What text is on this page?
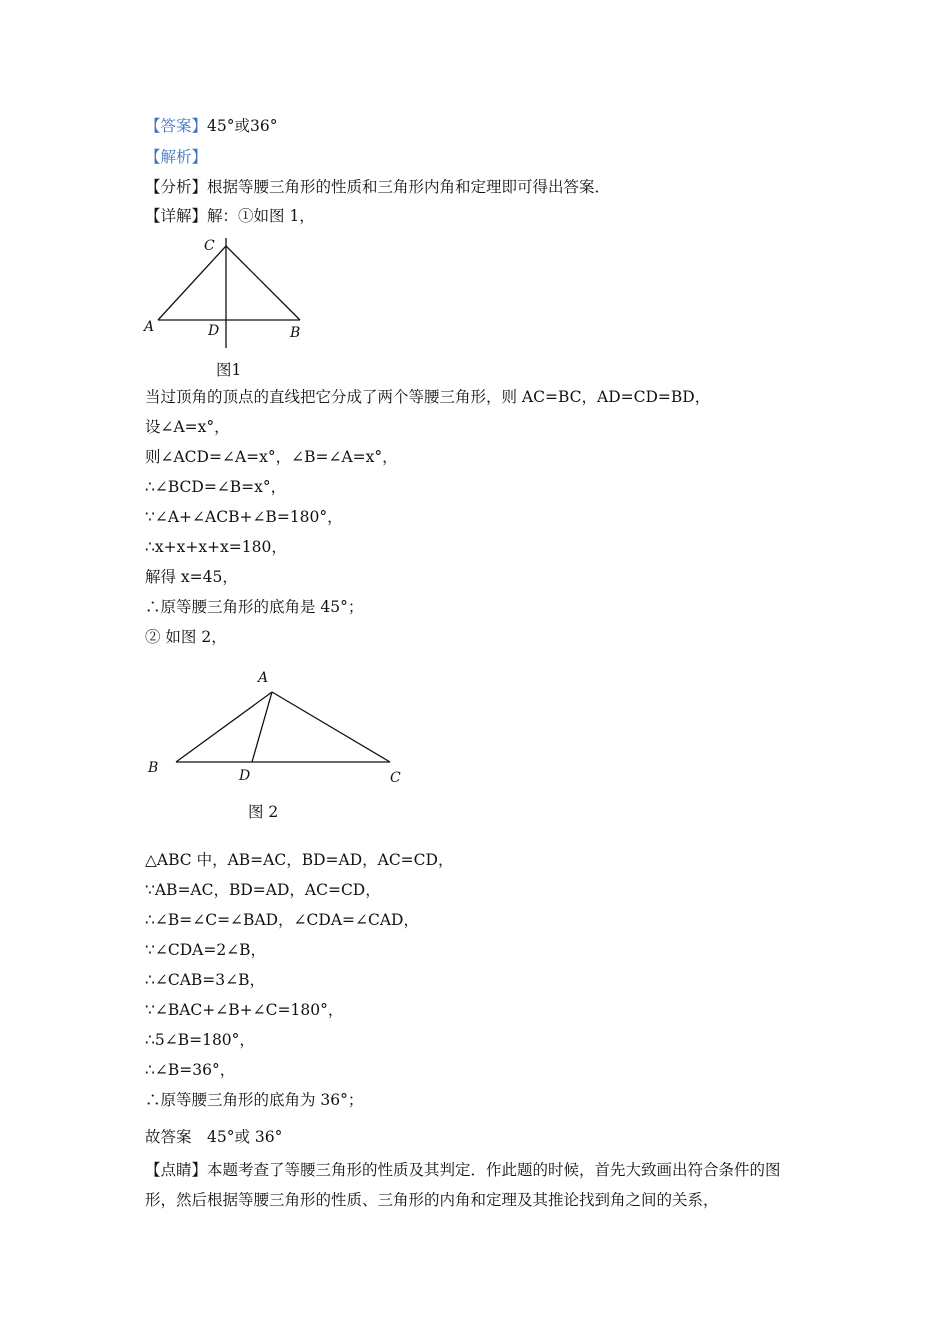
【答案】45°或36°
【解析】
【分析】根据等腰三角形的性质和三角形内角和定理即可得出答案．
【详解】解：①如图 1，
C
A	D	B
图1
当过顶角的顶点的直线把它分成了两个等腰三角形，则 AC=BC，AD=CD=BD，
设∠A=x°，
则∠ACD=∠A=x°，∠B=∠A=x°，
∴∠BCD=∠B=x°，
∵∠A+∠ACB+∠B=180°，
∴x+x+x+x=180，
解得 x=45，
∴原等腰三角形的底角是 45°；
② 如图 2，
A
B	D	C
图 2
△ABC 中，AB=AC，BD=AD，AC=CD，
∵AB=AC，BD=AD，AC=CD，
∴∠B=∠C=∠BAD，∠CDA=∠CAD，
∵∠CDA=2∠B，
∴∠CAB=3∠B，
∵∠BAC+∠B+∠C=180°，
∴5∠B=180°，
∴∠B=36°，
∴原等腰三角形的底角为 36°；
故答案　45°或 36°
【点睛】本题考查了等腰三角形的性质及其判定．作此题的时候，首先大致画出符合条件的图形，然后根据等腰三角形的性质、三角形的内角和定理及其推论找到角之间的关系，
